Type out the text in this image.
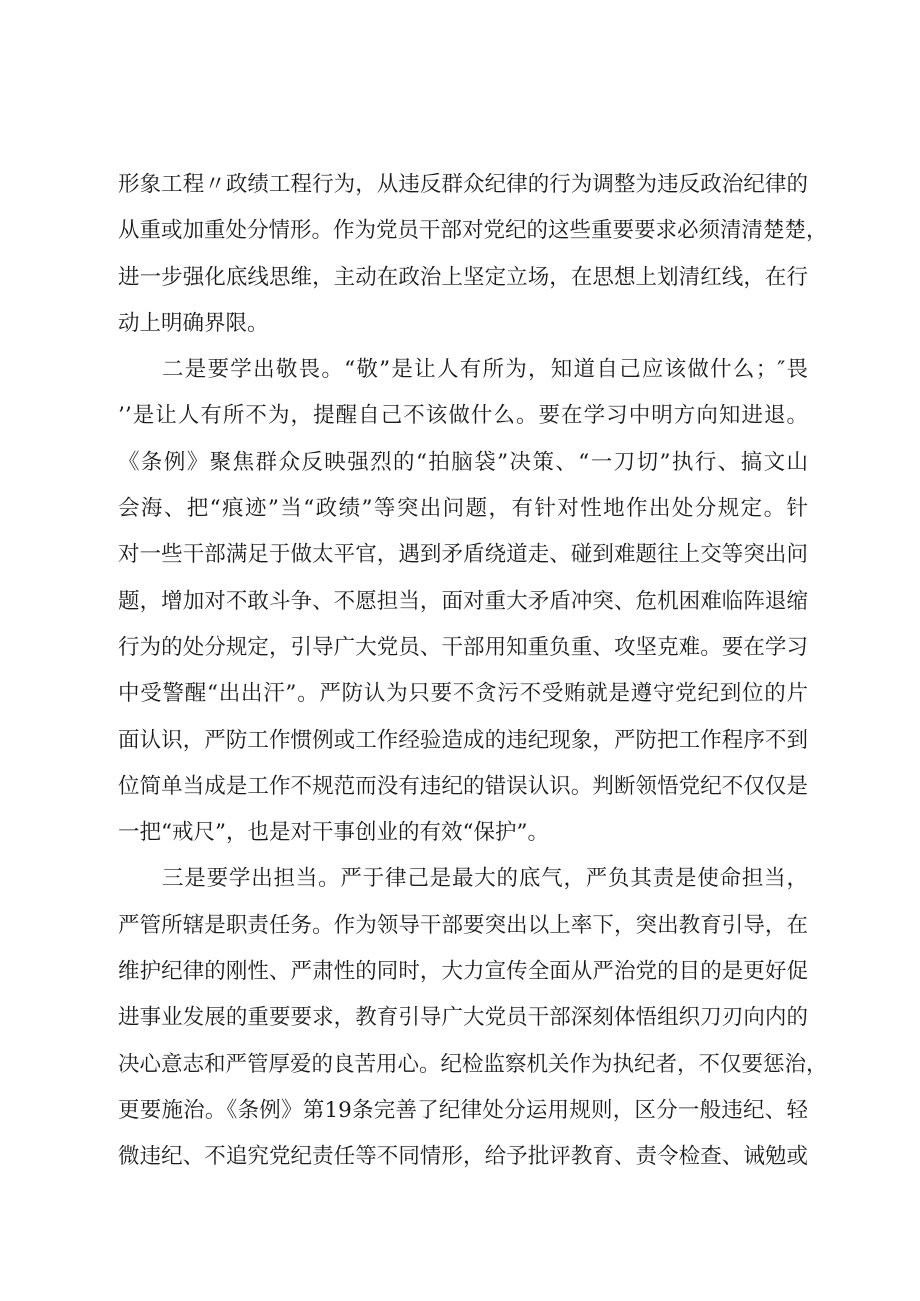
形象工程〃政绩工程行为，从违反群众纪律的行为调整为违反政治纪律的
从重或加重处分情形。作为党员干部对党纪的这些重要要求必须清清楚楚，
进一步强化底线思维，主动在政治上坚定立场，在思想上划清红线，在行
动上明确界限。
二是要学出敬畏。“敬”是让人有所为，知道自己应该做什么；″畏
’’是让人有所不为，提醒自己不该做什么。要在学习中明方向知进退。
《条例》聚焦群众反映强烈的“拍脑袋”决策、“一刀切”执行、搞文山
会海、把“痕迹”当“政绩”等突出问题，有针对性地作出处分规定。针
对一些干部满足于做太平官，遇到矛盾绕道走、碰到难题往上交等突出问
题，增加对不敢斗争、不愿担当，面对重大矛盾冲突、危机困难临阵退缩
行为的处分规定，引导广大党员、干部用知重负重、攻坚克难。要在学习
中受警醒“出出汗”。严防认为只要不贪污不受贿就是遵守党纪到位的片
面认识，严防工作惯例或工作经验造成的违纪现象，严防把工作程序不到
位简单当成是工作不规范而没有违纪的错误认识。判断领悟党纪不仅仅是
一把“戒尺”，也是对干事创业的有效“保护”。
三是要学出担当。严于律己是最大的底气，严负其责是使命担当，
严管所辖是职责任务。作为领导干部要突出以上率下，突出教育引导，在
维护纪律的刚性、严肃性的同时，大力宣传全面从严治党的目的是更好促
进事业发展的重要要求，教育引导广大党员干部深刻体悟组织刀刃向内的
决心意志和严管厚爱的良苦用心。纪检监察机关作为执纪者，不仅要惩治，
更要施治。《条例》第19条完善了纪律处分运用规则，区分一般违纪、轻
微违纪、不追究党纪责任等不同情形，给予批评教育、责令检查、诫勉或
